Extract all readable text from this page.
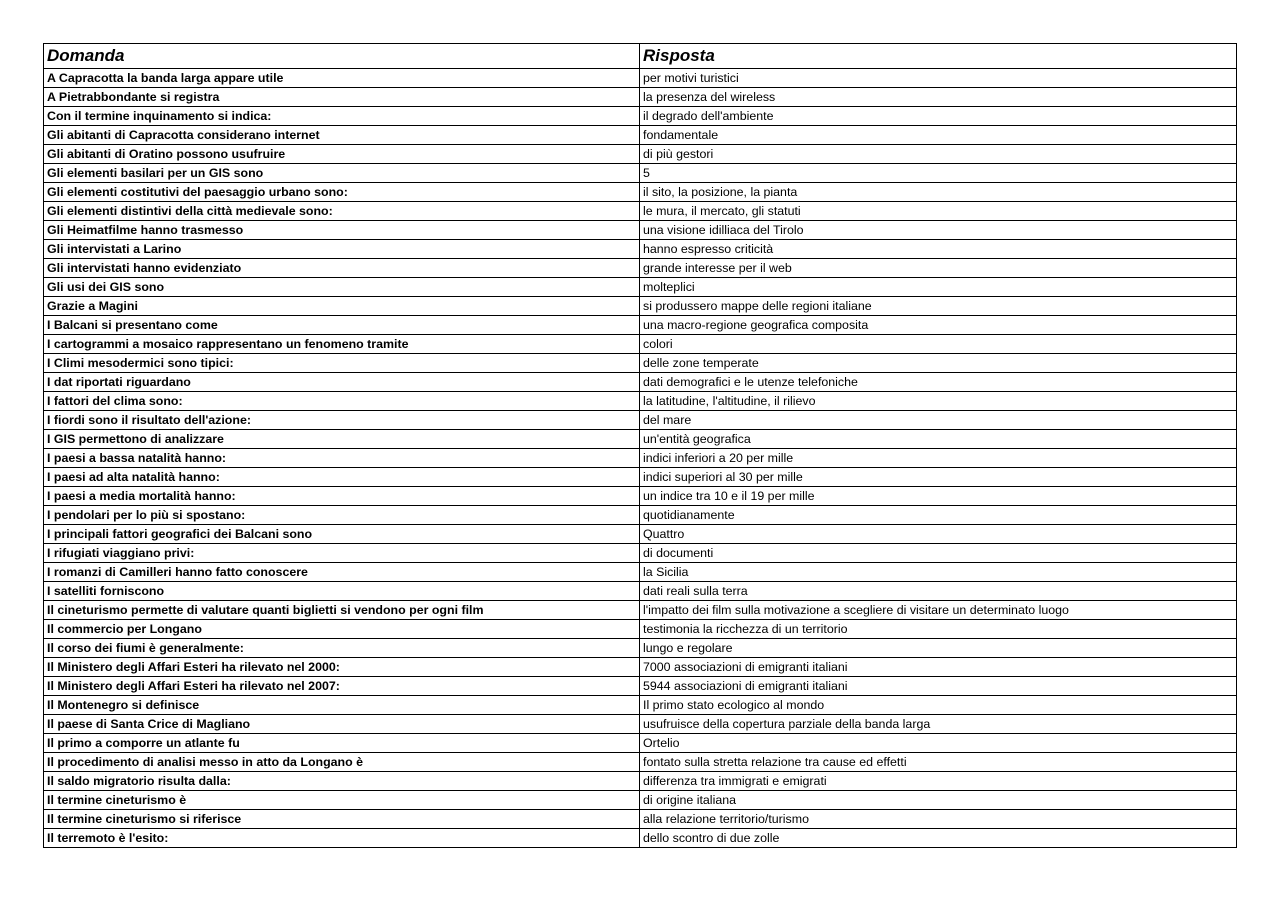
Domanda	Risposta
A Capracotta la banda larga appare utile	per motivi turistici
A Pietrabbondante si registra	la presenza del wireless
Con il termine inquinamento si indica:	il degrado dell'ambiente
Gli abitanti di Capracotta considerano internet	fondamentale
Gli abitanti di Oratino possono usufruire	di più gestori
Gli elementi basilari per un GIS sono	5
Gli elementi costitutivi del paesaggio urbano sono:	il sito, la posizione, la pianta
Gli elementi distintivi della città medievale sono:	le mura, il mercato, gli statuti
Gli Heimatfilme hanno trasmesso	una visione idilliaca del Tirolo
Gli intervistati a Larino	hanno espresso criticità
Gli intervistati hanno evidenziato	grande interesse per il web
Gli usi dei GIS sono	molteplici
Grazie a Magini	si produssero mappe delle regioni italiane
I Balcani si presentano come	una macro-regione geografica composita
I cartogrammi a mosaico rappresentano un fenomeno tramite	colori
I Climi mesodermici sono tipici:	delle zone temperate
I dat riportati riguardano	dati demografici e le utenze telefoniche
I fattori del clima sono:	la latitudine, l'altitudine, il rilievo
I fiordi sono il risultato dell'azione:	del mare
I GIS permettono di analizzare	un'entità geografica
I paesi a bassa natalità hanno:	indici inferiori a 20 per mille
I paesi ad alta natalità hanno:	indici superiori al 30 per mille
I paesi a media mortalità hanno:	un indice tra 10 e il 19 per mille
I pendolari per lo più si spostano:	quotidianamente
I principali fattori geografici dei Balcani sono	Quattro
I rifugiati viaggiano privi:	di documenti
I romanzi di Camilleri hanno fatto conoscere	la Sicilia
I satelliti forniscono	dati reali sulla terra
Il cineturismo permette di valutare quanti biglietti si vendono per ogni film	l'impatto dei film sulla motivazione a scegliere di visitare un determinato luogo
Il commercio per Longano	testimonia la ricchezza di un territorio
Il corso dei fiumi è generalmente:	lungo e regolare
Il Ministero degli Affari Esteri ha rilevato nel 2000:	7000 associazioni di emigranti italiani
Il Ministero degli Affari Esteri ha rilevato nel 2007:	5944 associazioni di emigranti italiani
Il Montenegro si definisce	Il primo stato ecologico al mondo
Il paese di Santa Crice di Magliano	usufruisce della copertura parziale della banda larga
Il primo a comporre un atlante fu	Ortelio
Il procedimento di analisi messo in atto da Longano è	fontato sulla stretta relazione tra cause ed effetti
Il saldo migratorio risulta dalla:	differenza tra immigrati e emigrati
Il termine cineturismo è	di origine italiana
Il termine cineturismo si riferisce	alla relazione territorio/turismo
Il terremoto è l'esito:	dello scontro di due zolle
